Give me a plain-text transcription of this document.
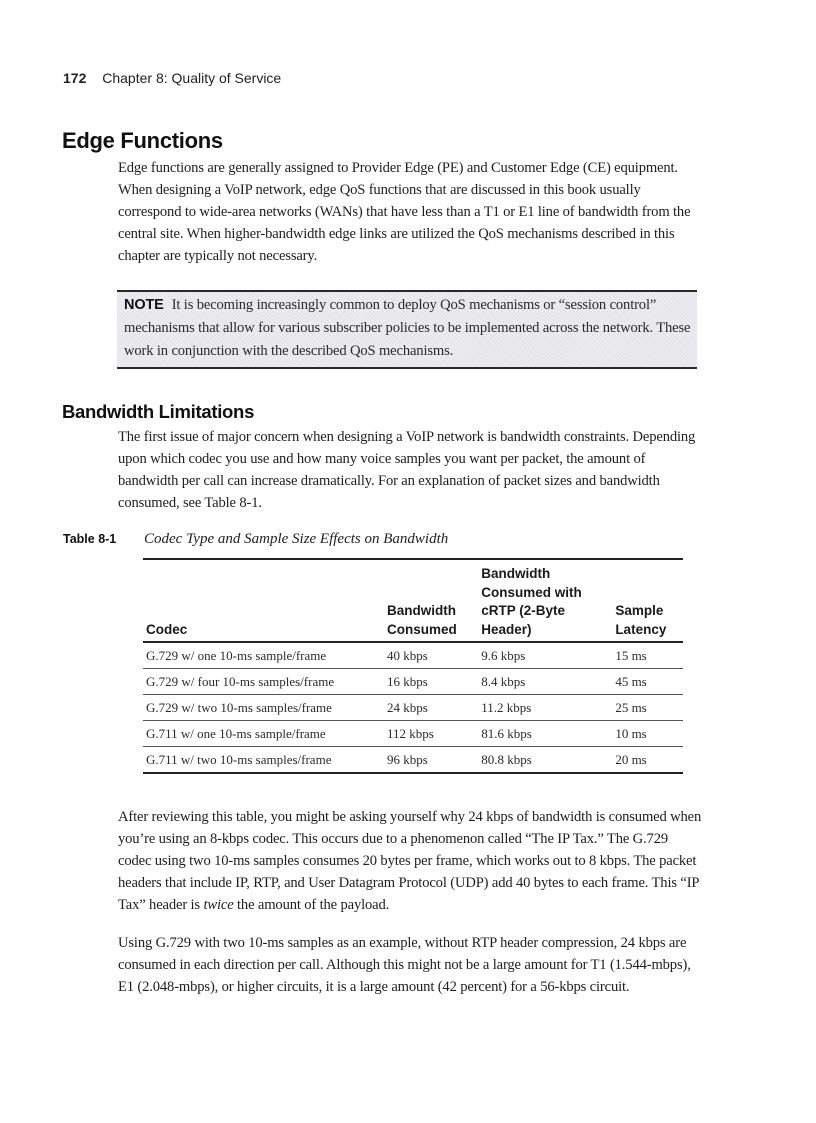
172 Chapter 8: Quality of Service
Edge Functions

Edge functions are generally assigned to Provider Edge (PE) and Customer Edge (CE) equipment. When designing a VoIP network, edge QoS functions that are discussed in this book usually correspond to wide-area networks (WANs) that have less than a T1 or E1 line of bandwidth from the central site. When higher-bandwidth edge links are utilized the QoS mechanisms described in this chapter are typically not necessary.

NOTE It is becoming increasingly common to deploy QoS mechanisms or “session control” mechanisms that allow for various subscriber policies to be implemented across the network. These work in conjunction with the described QoS mechanisms.

Bandwidth Limitations

The first issue of major concern when designing a VoIP network is bandwidth constraints. Depending upon which codec you use and how many voice samples you want per packet, the amount of bandwidth per call can increase dramatically. For an explanation of packet sizes and bandwidth consumed, see Table 8-1.

Table 8-1 Codec Type and Sample Size Effects on Bandwidth
Codec	Bandwidth Consumed	Bandwidth Consumed with cRTP (2-Byte Header)	Sample Latency
G.729 w/ one 10-ms sample/frame	40 kbps	9.6 kbps	15 ms
G.729 w/ four 10-ms samples/frame	16 kbps	8.4 kbps	45 ms
G.729 w/ two 10-ms samples/frame	24 kbps	11.2 kbps	25 ms
G.711 w/ one 10-ms sample/frame	112 kbps	81.6 kbps	10 ms
G.711 w/ two 10-ms samples/frame	96 kbps	80.8 kbps	20 ms

After reviewing this table, you might be asking yourself why 24 kbps of bandwidth is consumed when you’re using an 8-kbps codec. This occurs due to a phenomenon called “The IP Tax.” The G.729 codec using two 10-ms samples consumes 20 bytes per frame, which works out to 8 kbps. The packet headers that include IP, RTP, and User Datagram Protocol (UDP) add 40 bytes to each frame. This “IP Tax” header is twice the amount of the payload.

Using G.729 with two 10-ms samples as an example, without RTP header compression, 24 kbps are consumed in each direction per call. Although this might not be a large amount for T1 (1.544-mbps), E1 (2.048-mbps), or higher circuits, it is a large amount (42 percent) for a 56-kbps circuit.
